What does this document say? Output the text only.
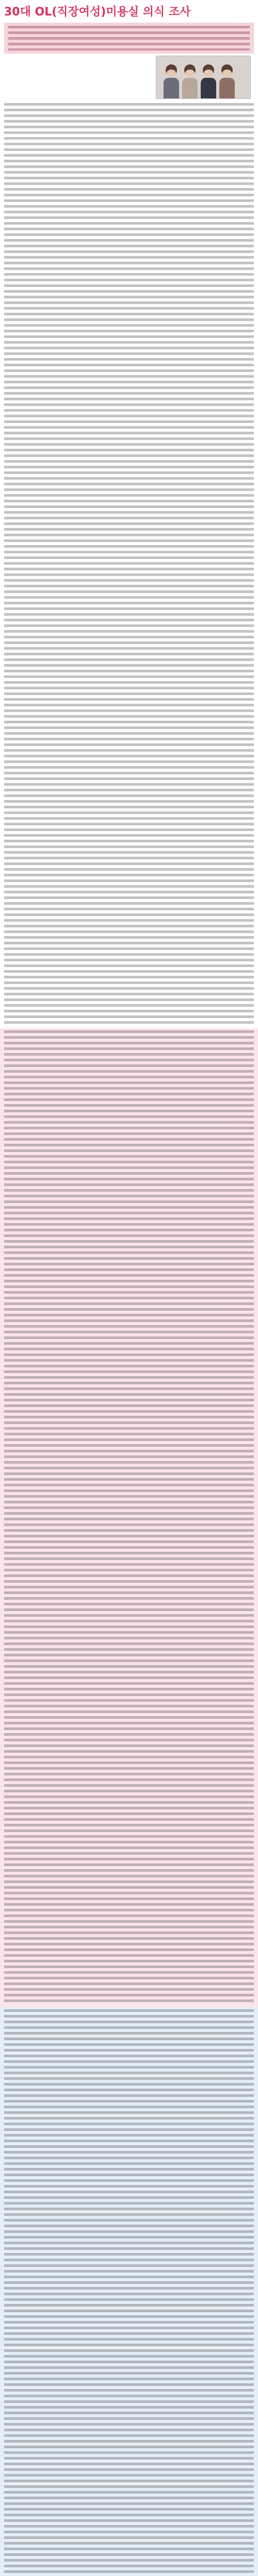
30대 OL(직장여성)미용실 의식 조사
